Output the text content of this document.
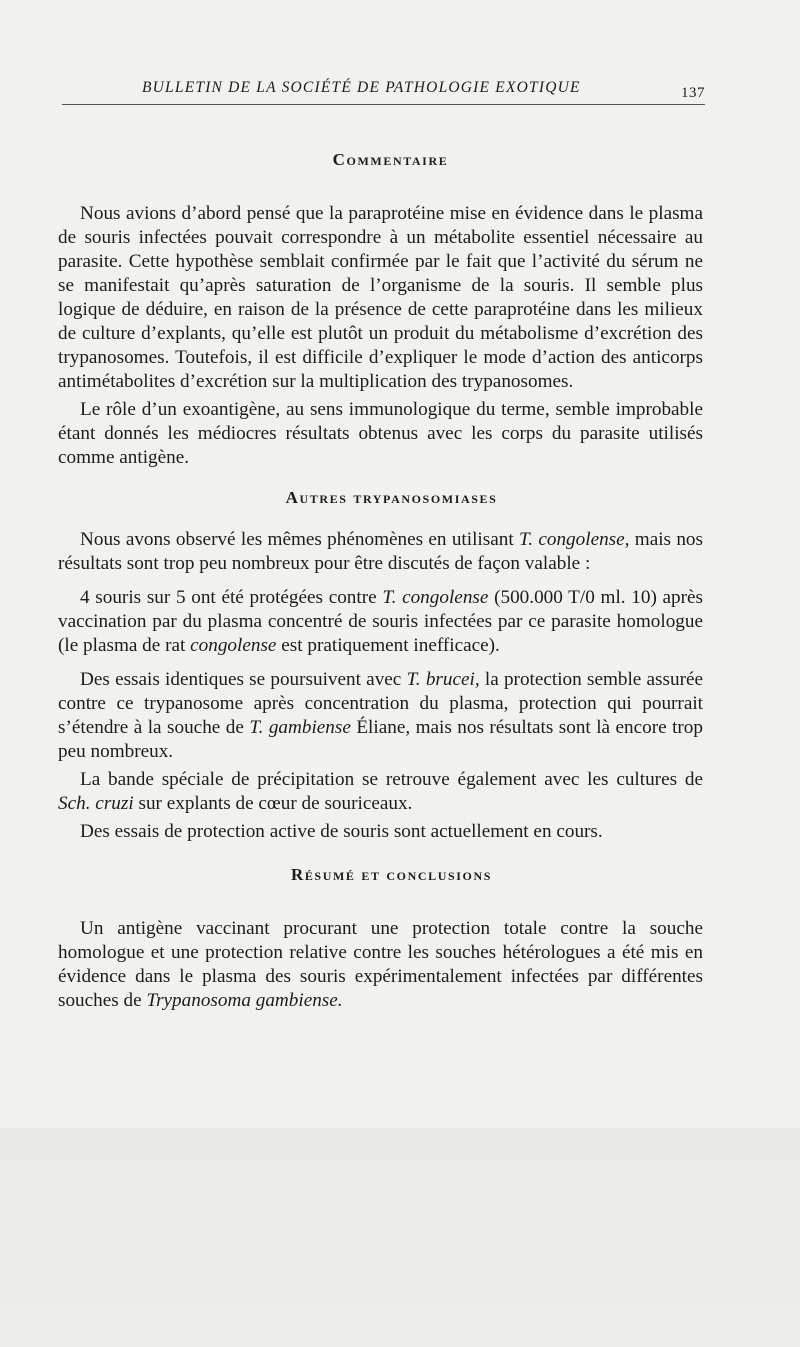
BULLETIN DE LA SOCIÉTÉ DE PATHOLOGIE EXOTIQUE	137
Commentaire

Nous avions d’abord pensé que la paraprotéine mise en évidence dans le plasma de souris infectées pouvait correspondre à un métabolite essentiel nécessaire au parasite. Cette hypothèse semblait confirmée par le fait que l’activité du sérum ne se manifestait qu’après saturation de l’organisme de la souris. Il semble plus logique de déduire, en raison de la présence de cette paraprotéine dans les milieux de culture d’explants, qu’elle est plutôt un produit du métabolisme d’excrétion des trypanosomes. Toutefois, il est difficile d’expliquer le mode d’action des anticorps antimétabolites d’excrétion sur la multiplication des trypanosomes.

Le rôle d’un exoantigène, au sens immunologique du terme, semble improbable étant donnés les médiocres résultats obtenus avec les corps du parasite utilisés comme antigène.

Autres trypanosomiases

Nous avons observé les mêmes phénomènes en utilisant T. congolense, mais nos résultats sont trop peu nombreux pour être discutés de façon valable :

4 souris sur 5 ont été protégées contre T. congolense (500.000 T/0 ml. 10) après vaccination par du plasma concentré de souris infectées par ce parasite homologue (le plasma de rat congolense est pratiquement inefficace).

Des essais identiques se poursuivent avec T. brucei, la protection semble assurée contre ce trypanosome après concentration du plasma, protection qui pourrait s’étendre à la souche de T. gambiense Éliane, mais nos résultats sont là encore trop peu nombreux.

La bande spéciale de précipitation se retrouve également avec les cultures de Sch. cruzi sur explants de cœur de souriceaux.

Des essais de protection active de souris sont actuellement en cours.

Résumé et conclusions

Un antigène vaccinant procurant une protection totale contre la souche homologue et une protection relative contre les souches hétérologues a été mis en évidence dans le plasma des souris expérimentalement infectées par différentes souches de Trypanosoma gambiense.
